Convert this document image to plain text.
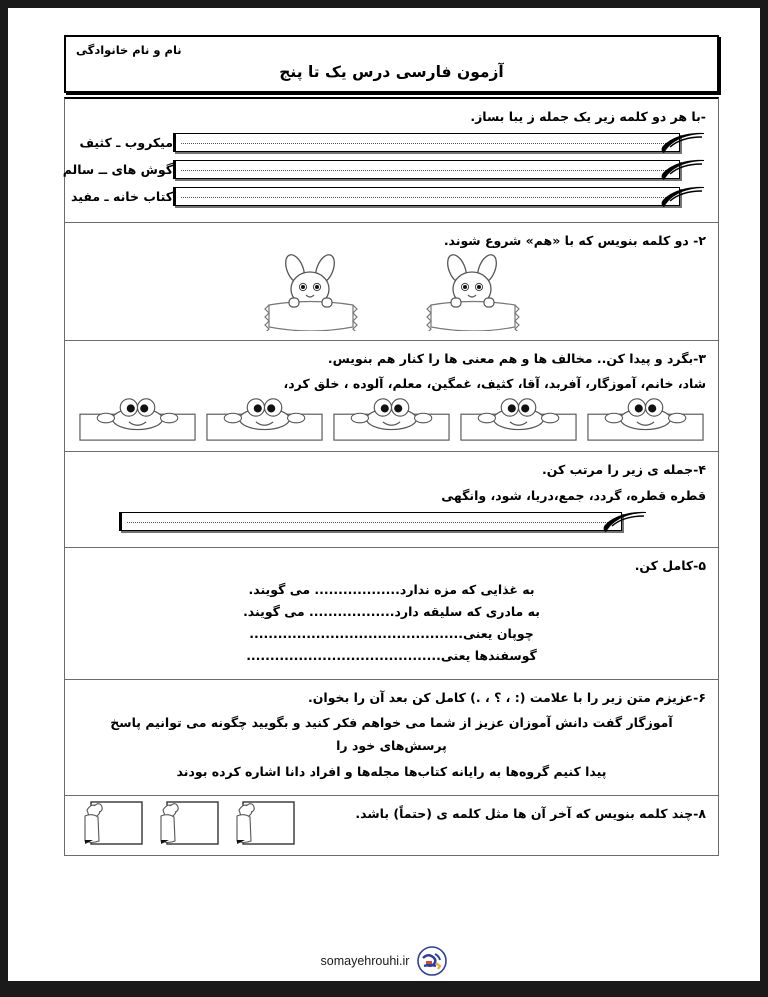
نام و نام خانوادگی
آزمون فارسی درس یک تا پنج
-با هر دو کلمه زیر یک جمله ز یبا بساز.
میکروب ـ کثیف
گوش های ــ سالم
کتاب خانه ـ مفید
۲- دو کلمه بنویس که با «هم» شروع شوند.
۳-بگرد و پیدا کن.. مخالف ها و هم معنی ها را کنار هم بنویس.
شاد، خانم، آموزگار، آفربد، آقا، کثیف، غمگین، معلم، آلوده ، خلق کرد،
۴-جمله ی زیر را مرتب کن.
قطره قطره، گردد، جمع،دریا، شود، وانگهی
۵-کامل کن.
به غذایی که مزه ندارد.................. می گویند.
به مادری که سلیقه دارد.................. می گویند.
چوپان یعنی.............................................
گوسفندها یعنی.........................................
۶-عزیزم متن زیر را با علامت (: ، ؟ ، .) کامل کن بعد آن را بخوان.
آموزگار گفت دانش آموزان عزیز از شما می خواهم فکر کنید و بگویید چگونه می توانیم پاسخ پرسش‌های خود را
پیدا کنیم گروه‌ها به رایانه کتاب‌ها مجله‌ها و افراد دانا اشاره کرده بودند
۸-چند کلمه بنویس که آخر آن ها مثل کلمه ی (حتماً) باشد.
somayehrouhi.ir
